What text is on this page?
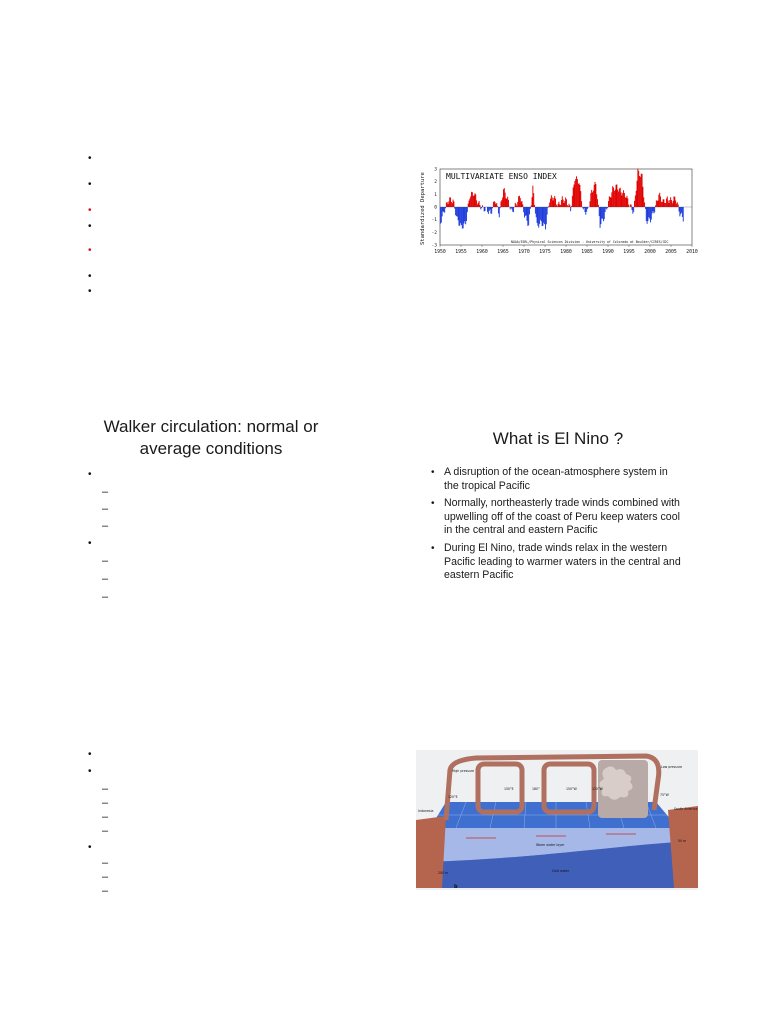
•
•
•
•
•
•
•
3
2
1
0
-1
-2
-3
1950 1955 1960 1965 1970 1975 1980 1985 1990 1995 2000 2005 2010
MULTIVARIATE ENSO INDEX
NOAA/ESRL/Physical Sciences Division - University of Colorado at Boulder/CIRES/CDC
Standardized Departure
Walker circulation: normal or
average conditions
•
–
–
–
•
–
–
–
What is El Nino ?
• A disruption of the ocean-atmosphere system in the tropical Pacific
• Normally, northeasterly trade winds combined with upwelling off of the coast of Peru keep waters cool in the central and eastern Pacific
• During El Nino, trade winds relax in the western Pacific leading to warmer waters in the central and eastern Pacific
•
•
–
–
–
–
•
–
–
–
High pressure
Low pressure
120°E
150°E	180°	150°W	120°W
75°W
Indonesia	South America
Warm water layer
Cold water
50 m
200 m
b
